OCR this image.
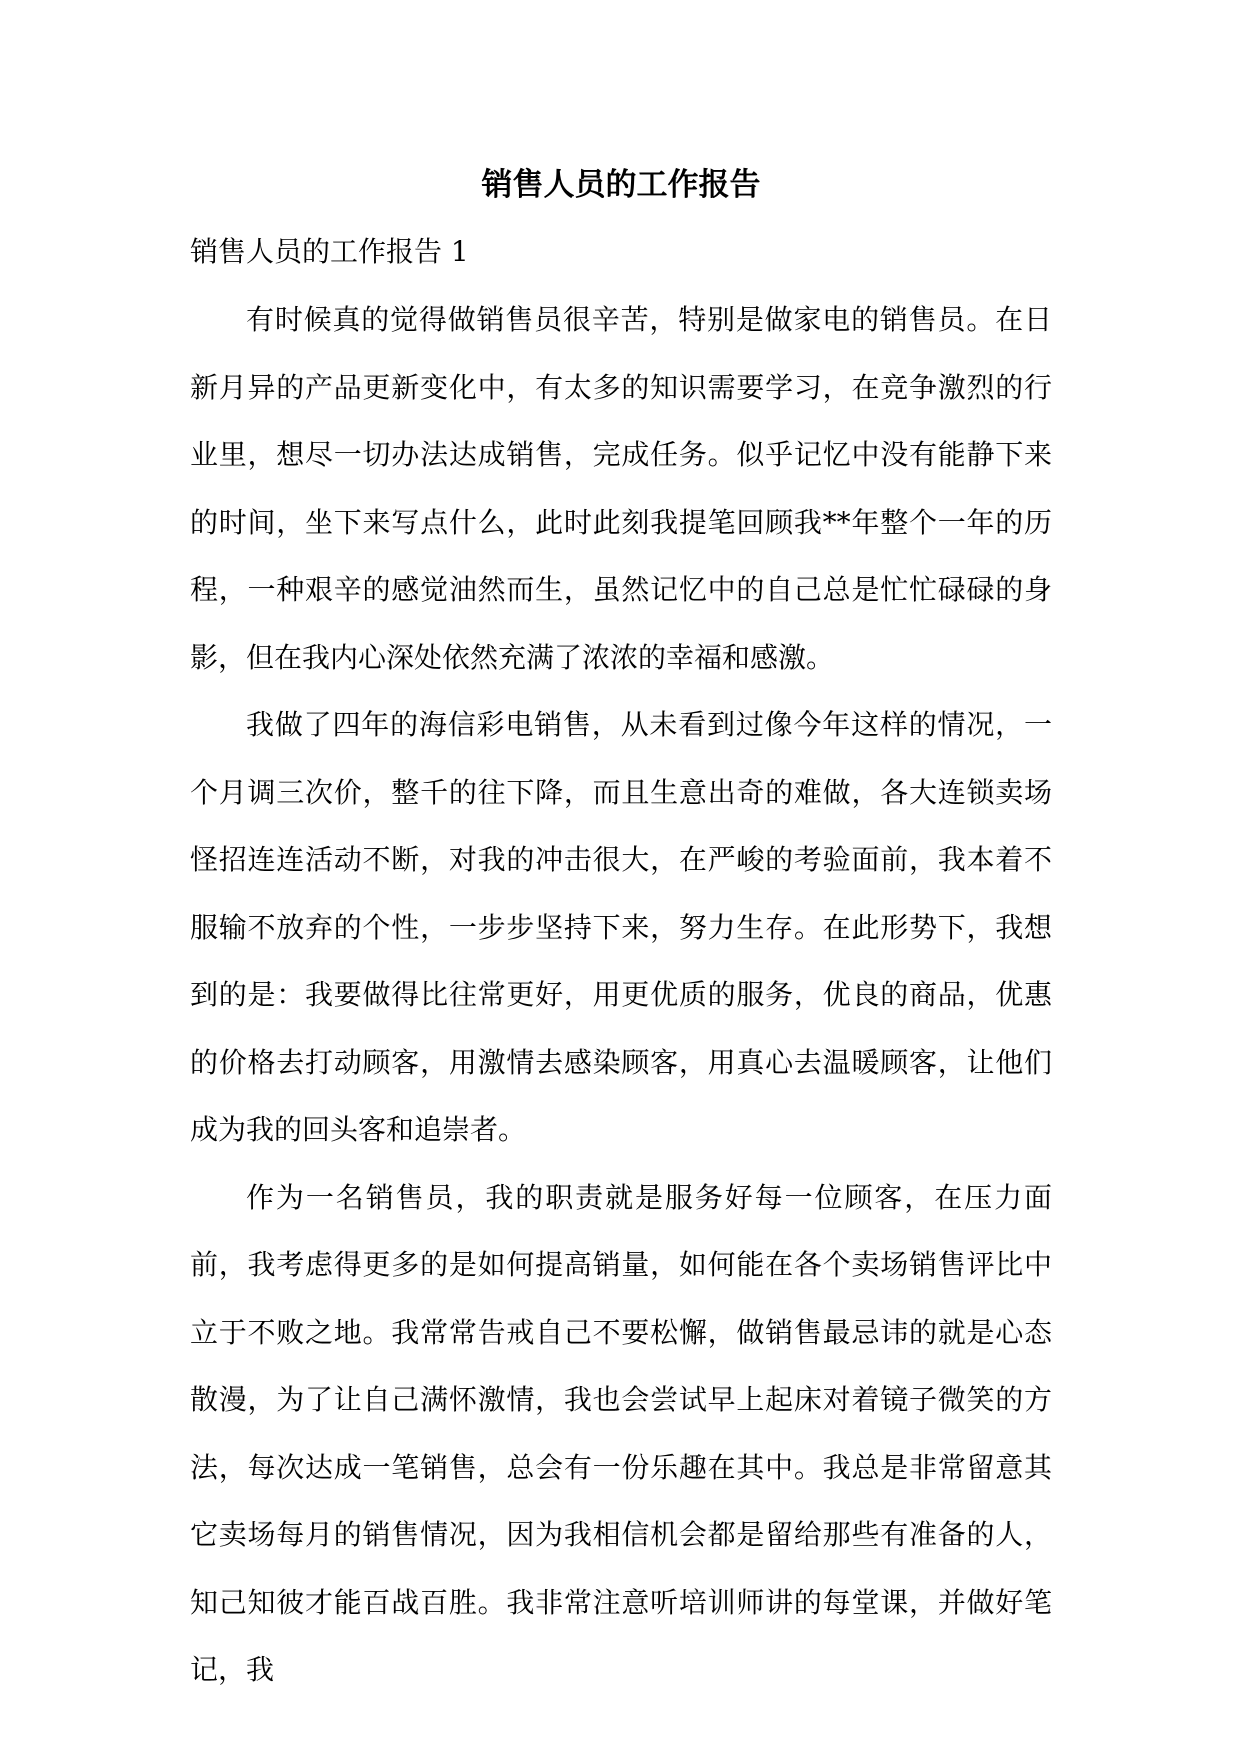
销售人员的工作报告

销售人员的工作报告 1

有时候真的觉得做销售员很辛苦，特别是做家电的销售员。在日新月异的产品更新变化中，有太多的知识需要学习，在竞争激烈的行业里，想尽一切办法达成销售，完成任务。似乎记忆中没有能静下来的时间，坐下来写点什么，此时此刻我提笔回顾我**年整个一年的历程，一种艰辛的感觉油然而生，虽然记忆中的自己总是忙忙碌碌的身影，但在我内心深处依然充满了浓浓的幸福和感激。

我做了四年的海信彩电销售，从未看到过像今年这样的情况，一个月调三次价，整千的往下降，而且生意出奇的难做，各大连锁卖场怪招连连活动不断，对我的冲击很大，在严峻的考验面前，我本着不服输不放弃的个性，一步步坚持下来，努力生存。在此形势下，我想到的是：我要做得比往常更好，用更优质的服务，优良的商品，优惠的价格去打动顾客，用激情去感染顾客，用真心去温暖顾客，让他们成为我的回头客和追崇者。

作为一名销售员，我的职责就是服务好每一位顾客，在压力面前，我考虑得更多的是如何提高销量，如何能在各个卖场销售评比中立于不败之地。我常常告戒自己不要松懈，做销售最忌讳的就是心态散漫，为了让自己满怀激情，我也会尝试早上起床对着镜子微笑的方法，每次达成一笔销售，总会有一份乐趣在其中。我总是非常留意其它卖场每月的销售情况，因为我相信机会都是留给那些有准备的人，知己知彼才能百战百胜。我非常注意听培训师讲的每堂课，并做好笔记，我
